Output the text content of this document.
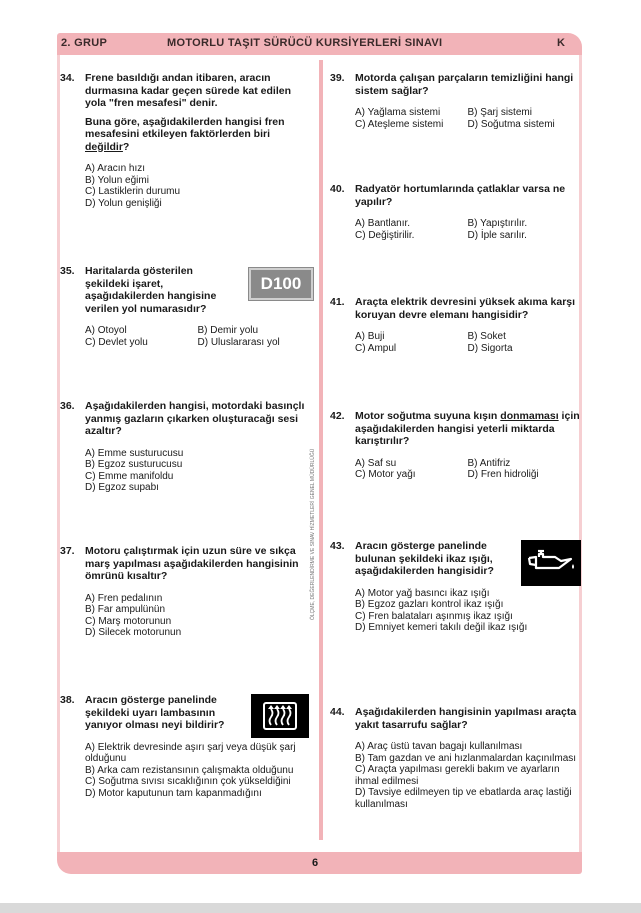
2. GRUP	MOTORLU TAŞIT SÜRÜCÜ KURSİYERLERİ SINAVI	K
ÖLÇME, DEĞERLENDİRME VE SINAV HİZMETLERİ GENEL MÜDÜRLÜĞÜ
6
34. Frene basıldığı andan itibaren, aracın durmasına kadar geçen sürede kat edilen yola "fren mesafesi" denir.
Buna göre, aşağıdakilerden hangisi fren mesafesini etkileyen faktörlerden biri değildir?
A) Aracın hızı
B) Yolun eğimi
C) Lastiklerin durumu
D) Yolun genişliği
35. Haritalarda gösterilen şekildeki işaret, aşağıdakilerden hangisine verilen yol numarasıdır?
A) Otoyol	B) Demir yolu
C) Devlet yolu	D) Uluslararası yol
D100
36. Aşağıdakilerden hangisi, motordaki basınçlı yanmış gazların çıkarken oluşturacağı sesi azaltır?
A) Emme susturucusu
B) Egzoz susturucusu
C) Emme manifoldu
D) Egzoz supabı
37. Motoru çalıştırmak için uzun süre ve sıkça marş yapılması aşağıdakilerden hangisinin ömrünü kısaltır?
A) Fren pedalının
B) Far ampulünün
C) Marş motorunun
D) Silecek motorunun
38. Aracın gösterge panelinde şekildeki uyarı lambasının yanıyor olması neyi bildirir?
A) Elektrik devresinde aşırı şarj veya düşük şarj olduğunu
B) Arka cam rezistansının çalışmakta olduğunu
C) Soğutma sıvısı sıcaklığının çok yükseldiğini
D) Motor kaputunun tam kapanmadığını
39. Motorda çalışan parçaların temizliğini hangi sistem sağlar?
A) Yağlama sistemi	B) Şarj sistemi
C) Ateşleme sistemi	D) Soğutma sistemi
40. Radyatör hortumlarında çatlaklar varsa ne yapılır?
A) Bantlanır.	B) Yapıştırılır.
C) Değiştirilir.	D) İple sarılır.
41. Araçta elektrik devresini yüksek akıma karşı koruyan devre elemanı hangisidir?
A) Buji	B) Soket
C) Ampul	D) Sigorta
42. Motor soğutma suyuna kışın donmaması için aşağıdakilerden hangisi yeterli miktarda karıştırılır?
A) Saf su	B) Antifriz
C) Motor yağı	D) Fren hidroliği
43. Aracın gösterge panelinde bulunan şekildeki ikaz ışığı, aşağıdakilerden hangisidir?
A) Motor yağ basıncı ikaz ışığı
B) Egzoz gazları kontrol ikaz ışığı
C) Fren balataları aşınmış ikaz ışığı
D) Emniyet kemeri takılı değil ikaz ışığı
44. Aşağıdakilerden hangisinin yapılması araçta yakıt tasarrufu sağlar?
A) Araç üstü tavan bagajı kullanılması
B) Tam gazdan ve ani hızlanmalardan kaçınılması
C) Araçta yapılması gerekli bakım ve ayarların ihmal edilmesi
D) Tavsiye edilmeyen tip ve ebatlarda araç lastiği kullanılması
